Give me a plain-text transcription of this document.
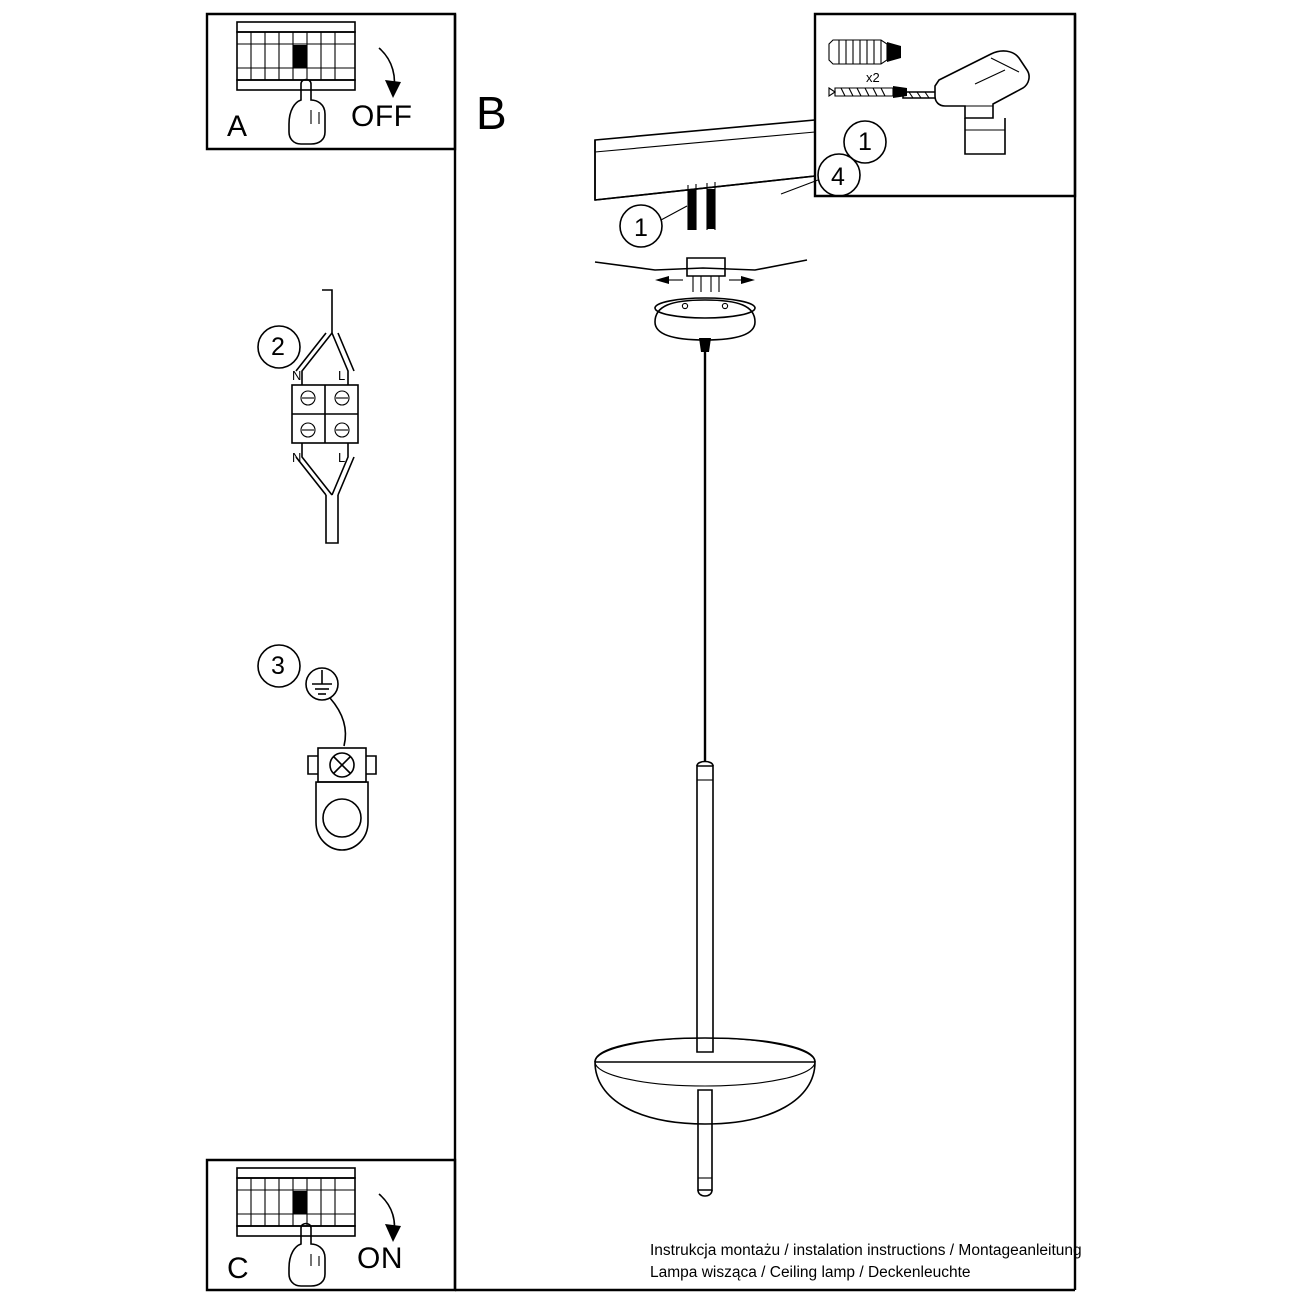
A	OFF B
x2
1
N	L
N	L
2
3
C	ON
1
4
Instrukcja montażu / instalation instructions / Montageanleitung
Lampa wisząca / Ceiling lamp / Deckenleuchte
